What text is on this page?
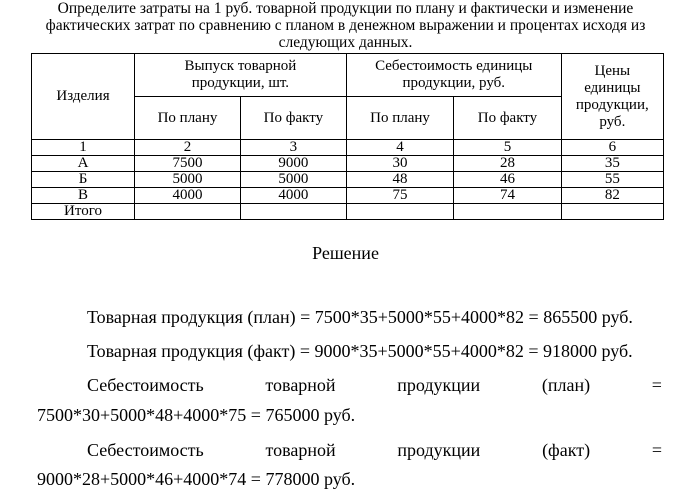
Определите затраты на 1 руб. товарной продукции по плану и фактически и изменение
фактических затрат по сравнению с планом в денежном выражении и процентах исходя из
следующих данных.
Изделия	Выпуск товарной продукции, шт.		Себестоимость единицы продукции, руб.		Цены единицы продукции, руб.

	По плану	По факту	По плану	По факту	
1	2	3	4	5	6
А	7500	9000	30	28	35
Б	5000	5000	48	46	55
В	4000	4000	75	74	82
Итого					
Решение
Товарная продукция (план) = 7500*35+5000*55+4000*82 = 865500 руб.
Товарная продукция (факт) = 9000*35+5000*55+4000*82 = 918000 руб.
Себестоимость	товарной	продукции	(план)	=
7500*30+5000*48+4000*75 = 765000 руб.
Себестоимость	товарной	продукции	(факт)	=
9000*28+5000*46+4000*74 = 778000 руб.
